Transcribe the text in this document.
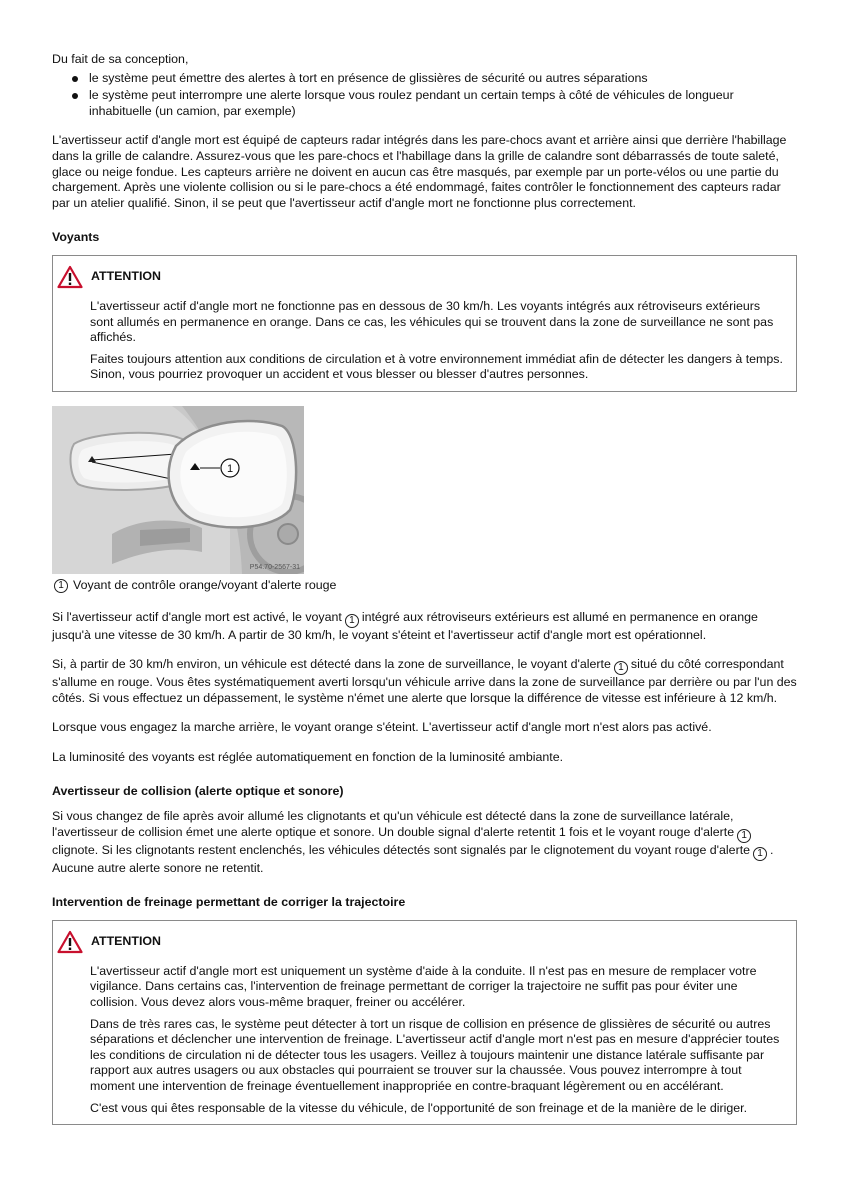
Du fait de sa conception,

le système peut émettre des alertes à tort en présence de glissières de sécurité ou autres séparations
le système peut interrompre une alerte lorsque vous roulez pendant un certain temps à côté de véhicules de longueur inhabituelle (un camion, par exemple)

L'avertisseur actif d'angle mort est équipé de capteurs radar intégrés dans les pare-chocs avant et arrière ainsi que derrière l'habillage dans la grille de calandre. Assurez-vous que les pare-chocs et l'habillage dans la grille de calandre sont débarrassés de toute saleté, glace ou neige fondue. Les capteurs arrière ne doivent en aucun cas être masqués, par exemple par un porte-vélos ou une partie du chargement. Après une violente collision ou si le pare-chocs a été endommagé, faites contrôler le fonctionnement des capteurs radar par un atelier qualifié. Sinon, il se peut que l'avertisseur actif d'angle mort ne fonctionne plus correctement.

Voyants

ATTENTION

L'avertisseur actif d'angle mort ne fonctionne pas en dessous de 30 km/h. Les voyants intégrés aux rétroviseurs extérieurs sont allumés en permanence en orange. Dans ce cas, les véhicules qui se trouvent dans la zone de surveillance ne sont pas affichés.

Faites toujours attention aux conditions de circulation et à votre environnement immédiat afin de détecter les dangers à temps. Sinon, vous pourriez provoquer un accident et vous blesser ou blesser d'autres personnes.

1
P54.70-2567-31

1 Voyant de contrôle orange/voyant d'alerte rouge

Si l'avertisseur actif d'angle mort est activé, le voyant 1 intégré aux rétroviseurs extérieurs est allumé en permanence en orange jusqu'à une vitesse de 30 km/h. A partir de 30 km/h, le voyant s'éteint et l'avertisseur actif d'angle mort est opérationnel.

Si, à partir de 30 km/h environ, un véhicule est détecté dans la zone de surveillance, le voyant d'alerte 1 situé du côté correspondant s'allume en rouge. Vous êtes systématiquement averti lorsqu'un véhicule arrive dans la zone de surveillance par derrière ou par l'un des côtés. Si vous effectuez un dépassement, le système n'émet une alerte que lorsque la différence de vitesse est inférieure à 12 km/h.

Lorsque vous engagez la marche arrière, le voyant orange s'éteint. L'avertisseur actif d'angle mort n'est alors pas activé.

La luminosité des voyants est réglée automatiquement en fonction de la luminosité ambiante.

Avertisseur de collision (alerte optique et sonore)

Si vous changez de file après avoir allumé les clignotants et qu'un véhicule est détecté dans la zone de surveillance latérale, l'avertisseur de collision émet une alerte optique et sonore. Un double signal d'alerte retentit 1 fois et le voyant rouge d'alerte 1clignote. Si les clignotants restent enclenchés, les véhicules détectés sont signalés par le clignotement du voyant rouge d'alerte 1 . Aucune autre alerte sonore ne retentit.

Intervention de freinage permettant de corriger la trajectoire

ATTENTION

L'avertisseur actif d'angle mort est uniquement un système d'aide à la conduite. Il n'est pas en mesure de remplacer votre vigilance. Dans certains cas, l'intervention de freinage permettant de corriger la trajectoire ne suffit pas pour éviter une collision. Vous devez alors vous-même braquer, freiner ou accélérer.

Dans de très rares cas, le système peut détecter à tort un risque de collision en présence de glissières de sécurité ou autres séparations et déclencher une intervention de freinage. L'avertisseur actif d'angle mort n'est pas en mesure d'apprécier toutes les conditions de circulation ni de détecter tous les usagers. Veillez à toujours maintenir une distance latérale suffisante par rapport aux autres usagers ou aux obstacles qui pourraient se trouver sur la chaussée. Vous pouvez interrompre à tout moment une intervention de freinage éventuellement inappropriée en contre-braquant légèrement ou en accélérant.

C'est vous qui êtes responsable de la vitesse du véhicule, de l'opportunité de son freinage et de la manière de le diriger.
